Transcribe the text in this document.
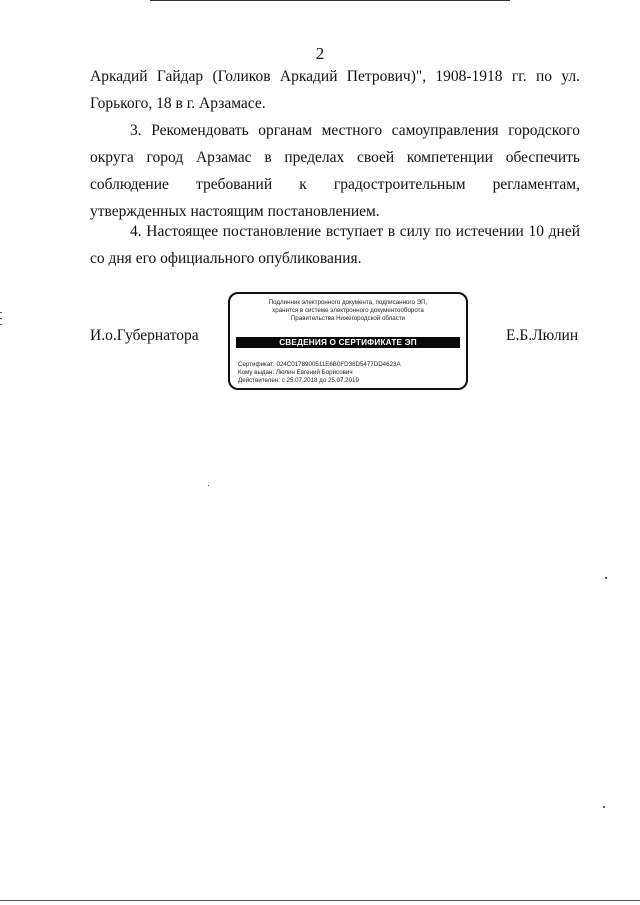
2

Аркадий Гайдар (Голиков Аркадий Петрович)", 1908-1918 гг. по ул. Горького, 18 в г. Арзамасе.

3. Рекомендовать органам местного самоуправления городского округа город Арзамас в пределах своей компетенции обеспечить соблюдение требований к градостроительным регламентам, утвержденных настоящим постановлением.

4. Настоящее постановление вступает в силу по истечении 10 дней со дня его официального опубликования.

И.о.Губернатора
Подлинник электронного документа, подписанного ЭП,
хранится в системе электронного документооборота
Правительства Нижегородской области
СВЕДЕНИЯ О СЕРТИФИКАТЕ ЭП
Сертификат: 024C0178900511E6B0FD38D5477DD4623A
Кому выдан: Люлин Евгений Борисович
Действителен: с 25.07.2018 до 25.07.2019
Е.Б.Люлин
